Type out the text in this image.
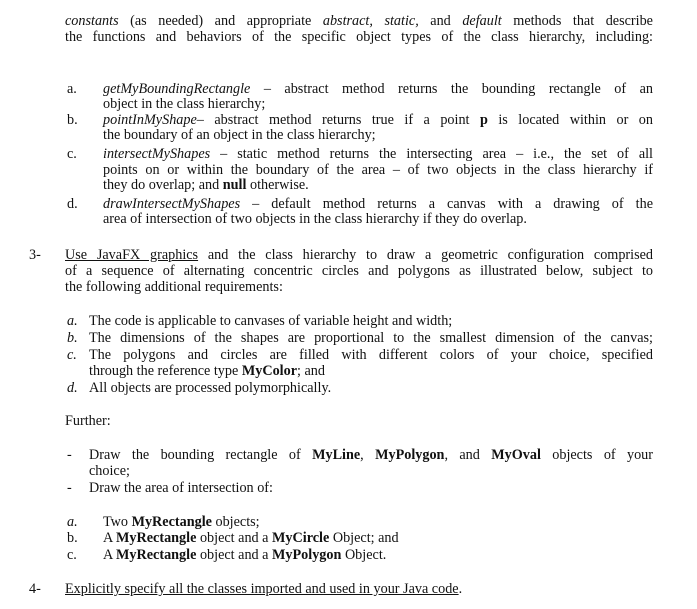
constants (as needed) and appropriate abstract, static, and default methods that describe
the functions and behaviors of the specific object types of the class hierarchy, including:
a. getMyBoundingRectangle – abstract method returns the bounding rectangle of an
object in the class hierarchy;
b. pointInMyShape– abstract method returns true if a point p is located within or on
the boundary of an object in the class hierarchy;
c. intersectMyShapes – static method returns the intersecting area – i.e., the set of all
points on or within the boundary of the area – of two objects in the class hierarchy if
they do overlap; and null otherwise.
d. drawIntersectMyShapes – default method returns a canvas with a drawing of the
area of intersection of two objects in the class hierarchy if they do overlap.
3- Use JavaFX graphics and the class hierarchy to draw a geometric configuration comprised
of a sequence of alternating concentric circles and polygons as illustrated below, subject to
the following additional requirements:
a. The code is applicable to canvases of variable height and width;
b. The dimensions of the shapes are proportional to the smallest dimension of the canvas;
c. The polygons and circles are filled with different colors of your choice, specified
through the reference type MyColor; and
d. All objects are processed polymorphically.
Further:
- Draw the bounding rectangle of MyLine, MyPolygon, and MyOval objects of your
choice;
- Draw the area of intersection of:
a. Two MyRectangle objects;
b. A MyRectangle object and a MyCircle Object; and
c. A MyRectangle object and a MyPolygon Object.
4- Explicitly specify all the classes imported and used in your Java code.
